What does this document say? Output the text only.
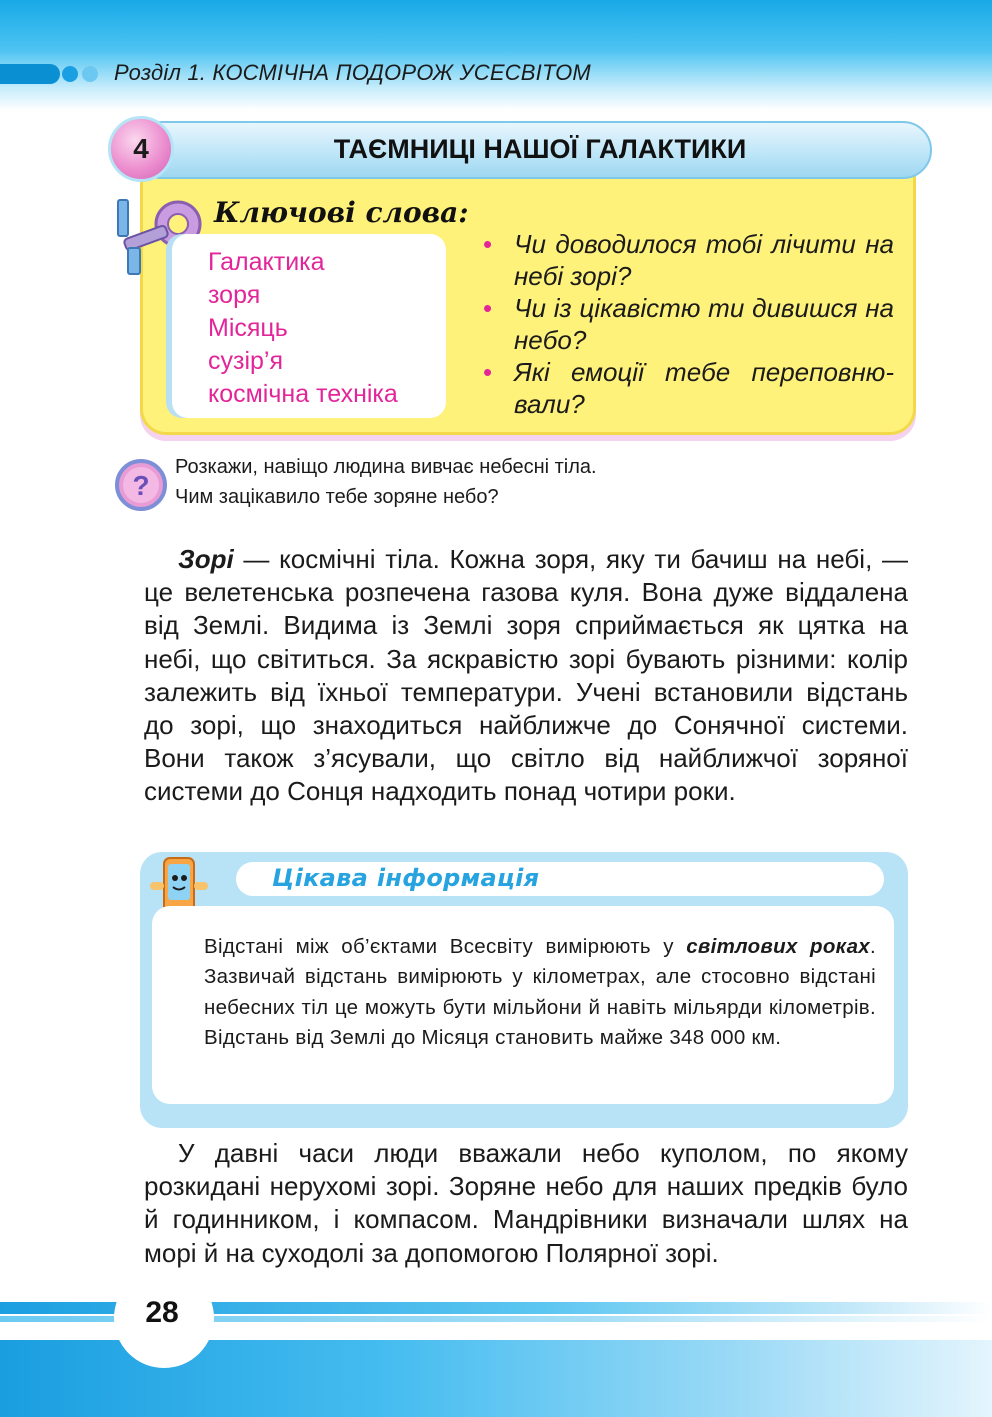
Розділ 1. КОСМІЧНА ПОДОРОЖ УСЕСВІТОМ
4	ТАЄМНИЦІ НАШОЇ ГАЛАКТИКИ
Ключові слова:
Галактика
зоря
Місяць
сузір’я
космічна техніка
• Чи доводилося тобі лічити на небі зорі?
• Чи із цікавістю ти дивишся на небо?
• Які емоції тебе переповню-вали?
?
Розкажи, навіщо людина вивчає небесні тіла.
Чим зацікавило тебе зоряне небо?
Зорі — космічні тіла. Кожна зоря, яку ти бачиш на небі, — це велетенська розпечена газова куля. Вона дуже віддалена від Землі. Видима із Землі зоря сприймається як цятка на небі, що світиться. За яскравістю зорі бувають різними: колір залежить від їхньої температури. Учені встановили відстань до зорі, що знаходиться найближче до Сонячної системи. Вони також з’ясували, що світло від найближчої зоряної системи до Сонця надходить понад чотири роки.
Цікава інформація
Відстані між об’єктами Всесвіту вимірюють у світлових роках. Зазвичай відстань вимірюють у кілометрах, але стосовно відстані небесних тіл це можуть бути мільйони й навіть мільярди кілометрів. Відстань від Землі до Місяця становить майже 348 000 км.
У давні часи люди вважали небо куполом, по якому розкидані нерухомі зорі. Зоряне небо для наших предків було й годинником, і компасом. Мандрівники визначали шлях на морі й на суходолі за допомогою Полярної зорі.
28
